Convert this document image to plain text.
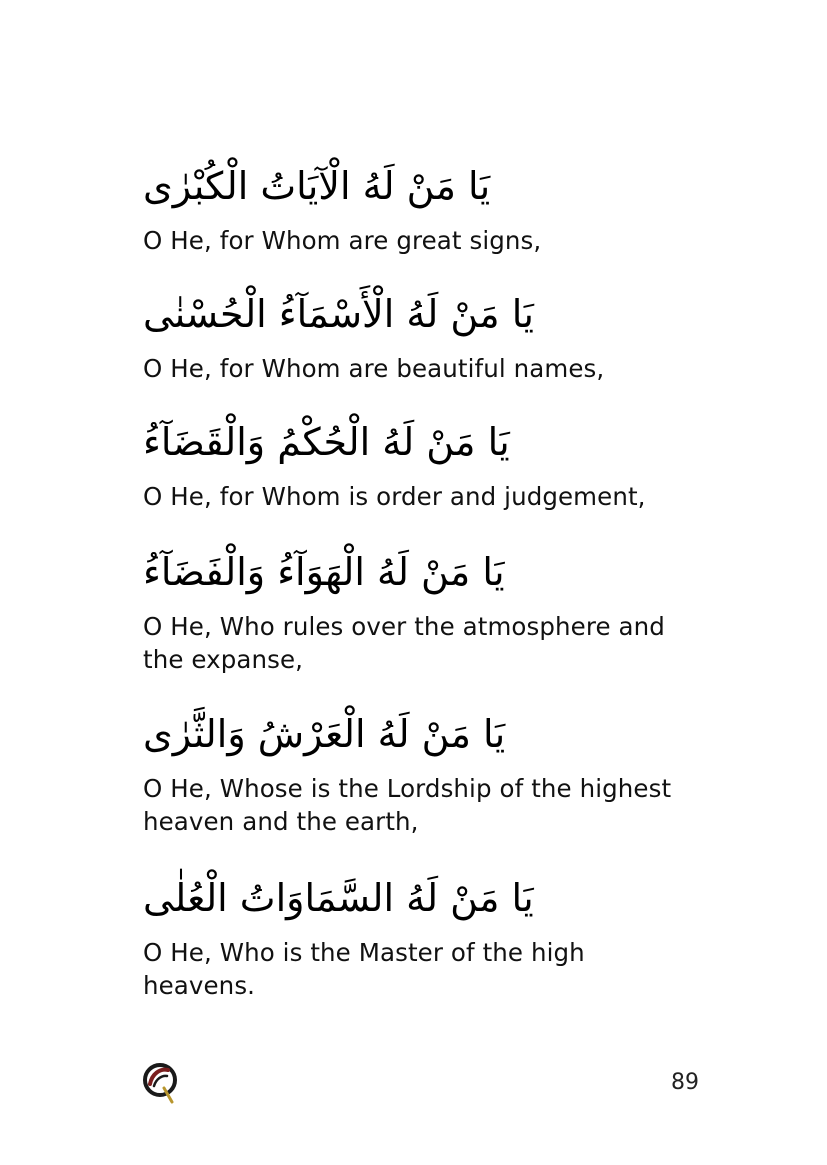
يَا مَنْ لَهُ الْآيَاتُ الْكُبْرٰى
O He, for Whom are great signs,
يَا مَنْ لَهُ الْأَسْمَآءُ الْحُسْنٰى
O He, for Whom are beautiful names,
يَا مَنْ لَهُ الْحُكْمُ وَالْقَضَآءُ
O He, for Whom is order and judgement,
يَا مَنْ لَهُ الْهَوَآءُ وَالْفَضَآءُ
O He, Who rules over the atmosphere and the expanse,
يَا مَنْ لَهُ الْعَرْشُ وَالثَّرٰى
O He, Whose is the Lordship of the highest heaven and the earth,
يَا مَنْ لَهُ السَّمَاوَاتُ الْعُلٰى
O He, Who is the Master of the high heavens.
89
